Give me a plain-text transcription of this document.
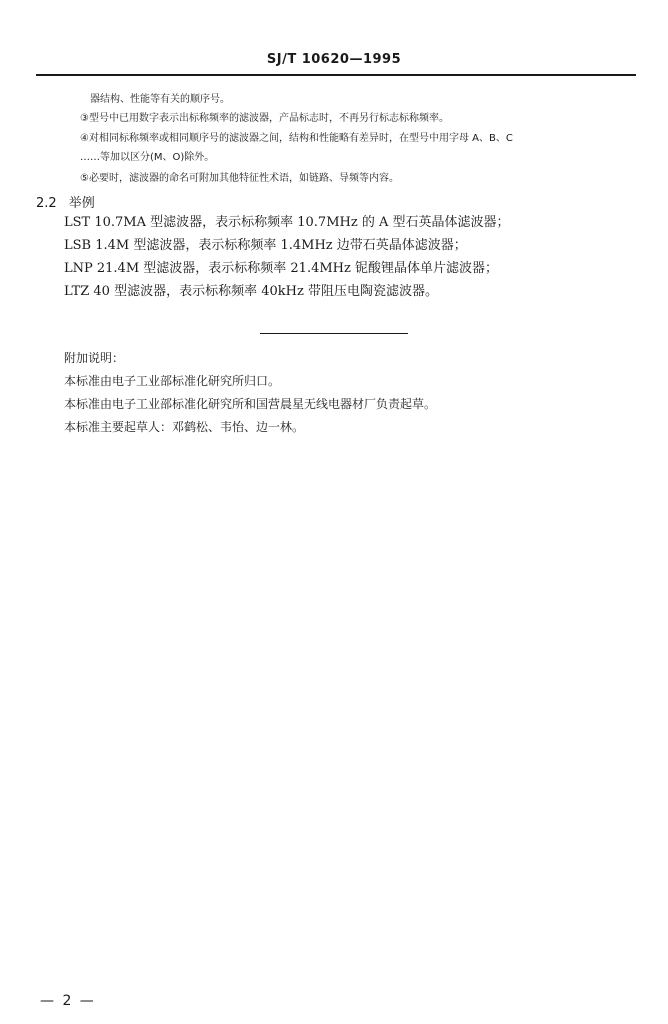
SJ/T 10620—1995
器结构、性能等有关的顺序号。
③型号中已用数字表示出标称频率的滤波器，产品标志时，不再另行标志标称频率。
④对相同标称频率或相同顺序号的滤波器之间，结构和性能略有差异时，在型号中用字母 A、B、C
……等加以区分(M、O)除外。
⑤必要时，滤波器的命名可附加其他特征性术语，如链路、导频等内容。
2.2 举例
LST 10.7MA 型滤波器，表示标称频率 10.7MHz 的 A 型石英晶体滤波器；
LSB 1.4M 型滤波器，表示标称频率 1.4MHz 边带石英晶体滤波器；
LNP 21.4M 型滤波器，表示标称频率 21.4MHz 铌酸锂晶体单片滤波器；
LTZ 40 型滤波器，表示标称频率 40kHz 带阻压电陶瓷滤波器。
附加说明：
本标准由电子工业部标准化研究所归口。
本标准由电子工业部标准化研究所和国营晨星无线电器材厂负责起草。
本标准主要起草人：邓鹤松、韦怡、边一林。
— 2 —
